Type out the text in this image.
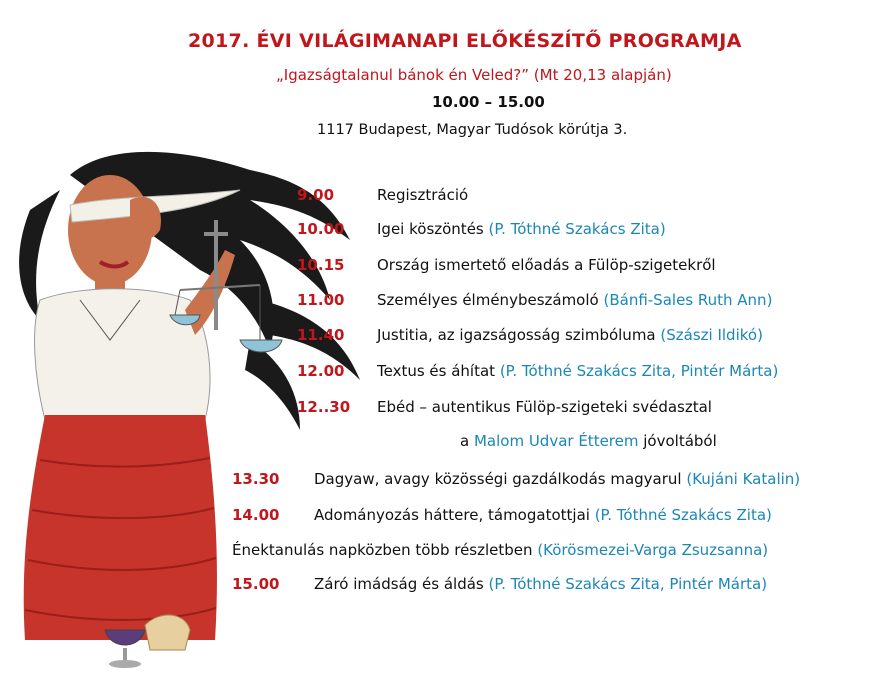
2017. ÉVI VILÁGIMANAPI ELŐKÉSZÍTŐ PROGRAMJA
„Igazságtalanul bánok én Veled?” (Mt 20,13 alapján)
10.00 – 15.00
1117 Budapest, Magyar Tudósok körútja 3.
9.00	Regisztráció
10.00 Igei köszöntés (P. Tóthné Szakács Zita)
10.15 Ország ismertető előadás a Fülöp-szigetekről
11.00 Személyes élménybeszámoló (Bánfi-Sales Ruth Ann)
11.40 Justitia, az igazságosság szimbóluma (Szászi Ildikó)
12.00 Textus és áhítat (P. Tóthné Szakács Zita, Pintér Márta)
12..30 Ebéd – autentikus Fülöp-szigeteki svédasztal
a Malom Udvar Étterem jóvoltából
13.30 Dagyaw, avagy közösségi gazdálkodás magyarul (Kujáni Katalin)
14.00 Adományozás háttere, támogatottjai (P. Tóthné Szakács Zita)
Énektanulás napközben több részletben (Körösmezei-Varga Zsuzsanna)
15.00 Záró imádság és áldás (P. Tóthné Szakács Zita, Pintér Márta)
